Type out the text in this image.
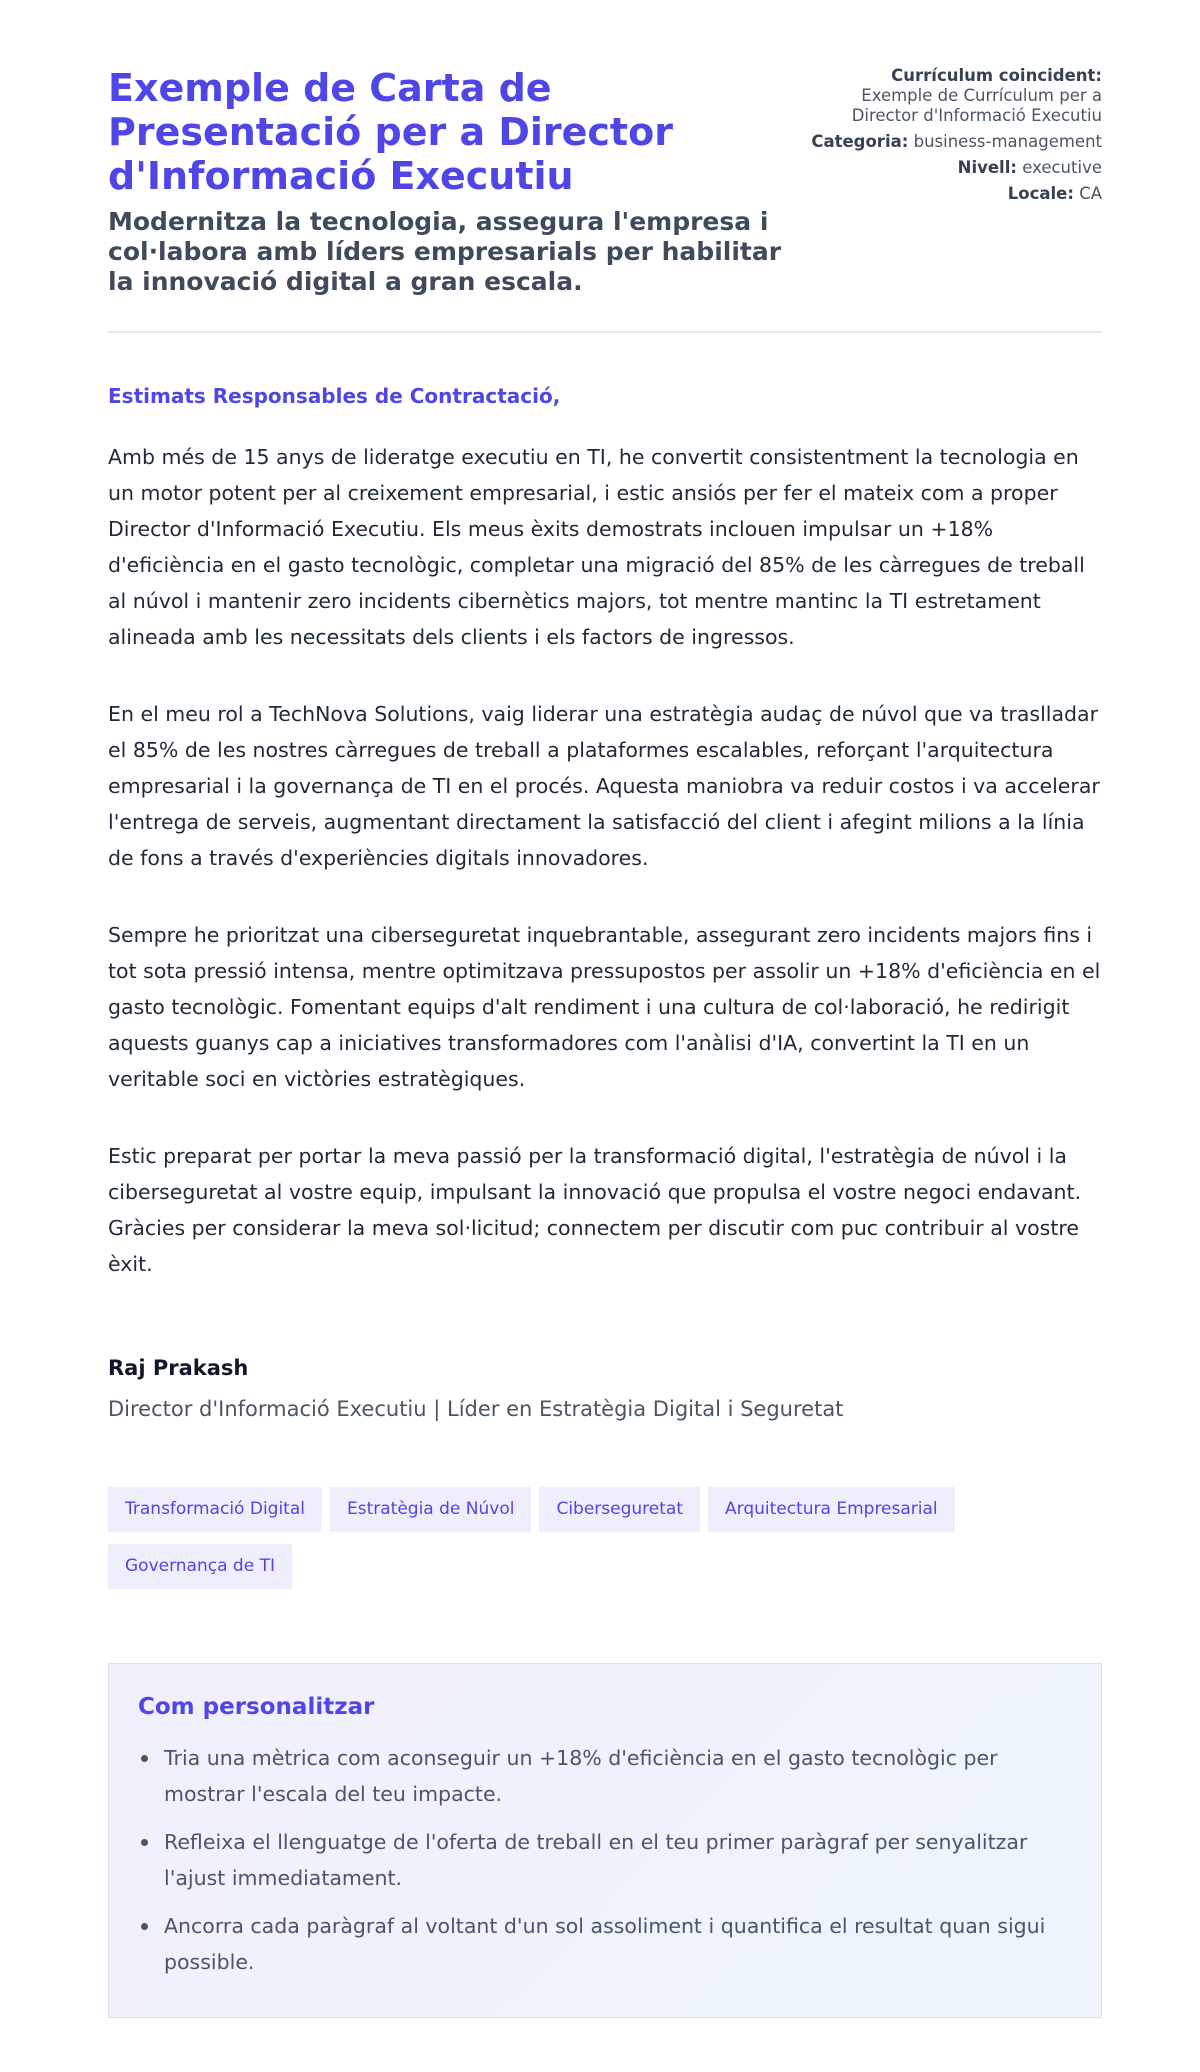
Exemple de Carta de Presentació per a Director d'Informació Executiu
Modernitza la tecnologia, assegura l'empresa i col·labora amb líders empresarials per habilitar la innovació digital a gran escala.
Currículum coincident:
Exemple de Currículum per a Director d'Informació Executiu
Categoria: business-management
Nivell: executive
Locale: CA
Estimats Responsables de Contractació,

Amb més de 15 anys de lideratge executiu en TI, he convertit consistentment la tecnologia en un motor potent per al creixement empresarial, i estic ansiós per fer el mateix com a proper Director d'Informació Executiu. Els meus èxits demostrats inclouen impulsar un +18% d'eficiència en el gasto tecnològic, completar una migració del 85% de les càrregues de treball al núvol i mantenir zero incidents cibernètics majors, tot mentre mantinc la TI estretament alineada amb les necessitats dels clients i els factors de ingressos.

En el meu rol a TechNova Solutions, vaig liderar una estratègia audaç de núvol que va traslladar el 85% de les nostres càrregues de treball a plataformes escalables, reforçant l'arquitectura empresarial i la governança de TI en el procés. Aquesta maniobra va reduir costos i va accelerar l'entrega de serveis, augmentant directament la satisfacció del client i afegint milions a la línia de fons a través d'experiències digitals innovadores.

Sempre he prioritzat una ciberseguretat inquebrantable, assegurant zero incidents majors fins i tot sota pressió intensa, mentre optimitzava pressupostos per assolir un +18% d'eficiència en el gasto tecnològic. Fomentant equips d'alt rendiment i una cultura de col·laboració, he redirigit aquests guanys cap a iniciatives transformadores com l'anàlisi d'IA, convertint la TI en un veritable soci en victòries estratègiques.

Estic preparat per portar la meva passió per la transformació digital, l'estratègia de núvol i la ciberseguretat al vostre equip, impulsant la innovació que propulsa el vostre negoci endavant. Gràcies per considerar la meva sol·licitud; connectem per discutir com puc contribuir al vostre èxit.

Raj Prakash
Director d'Informació Executiu | Líder en Estratègia Digital i Seguretat
Transformació Digital Estratègia de Núvol Ciberseguretat Arquitectura EmpresarialGovernança de TI
Com personalitzar
Tria una mètrica com aconseguir un +18% d'eficiència en el gasto tecnològic per mostrar l'escala del teu impacte.
Refleixa el llenguatge de l'oferta de treball en el teu primer paràgraf per senyalitzar l'ajust immediatament.
Ancorra cada paràgraf al voltant d'un sol assoliment i quantifica el resultat quan sigui possible.
